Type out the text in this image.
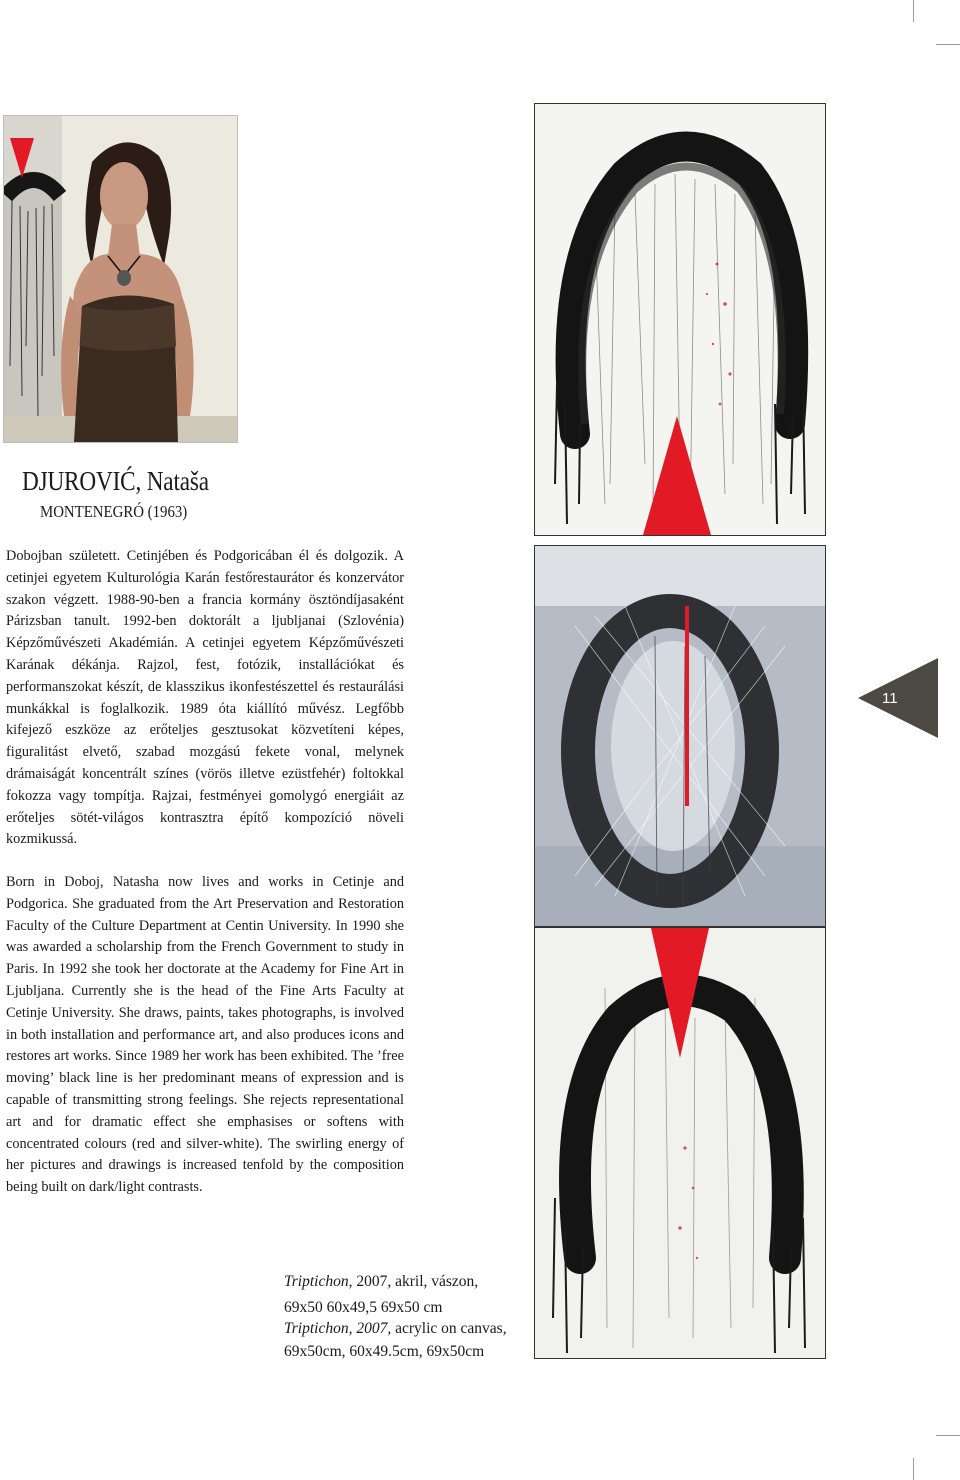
DJUROVIĆ, Nataša
MONTENEGRÓ (1963)

Dobojban született. Cetinjében és Podgoricában él és dolgozik. A cetinjei egyetem Kulturológia Karán festőrestaurátor és konzervátor szakon végzett. 1988-90-ben a francia kormány ösztöndíjasaként Párizsban tanult. 1992-ben doktorált a ljubljanai (Szlovénia) Képzőművészeti Akadémián. A cetinjei egyetem Képzőművészeti Karának dékánja. Rajzol, fest, fotózik, installációkat és performanszokat készít, de klasszikus ikonfestészettel és restaurálási munkákkal is foglalkozik. 1989 óta kiállító művész. Legfőbb kifejező eszköze az erőteljes gesztusokat közvetíteni képes, figuralitást elvető, szabad mozgású fekete vonal, melynek drámaiságát koncentrált színes (vörös illetve ezüstfehér) foltokkal fokozza vagy tompítja. Rajzai, festményei gomolygó energiáit az erőteljes sötét-világos kontrasztra építő kompozíció növeli kozmikussá.

Born in Doboj, Natasha now lives and works in Cetinje and Podgorica. She graduated from the Art Preservation and Restoration Faculty of the Culture Department at Centin University. In 1990 she was awarded a scholarship from the French Government to study in Paris. In 1992 she took her doctorate at the Academy for Fine Art in Ljubljana. Currently she is the head of the Fine Arts Faculty at Cetinje University. She draws, paints, takes photographs, is involved in both installation and performance art, and also produces icons and restores art works. Since 1989 her work has been exhibited. The ’free moving’ black line is her predominant means of expression and is capable of transmitting strong feelings. She rejects representational art and for dramatic effect she emphasises or softens with concentrated colours (red and silver-white). The swirling energy of her pictures and drawings is increased tenfold by the composition being built on dark/light contrasts.

11
Triptichon, 2007, akril, vászon,
69x50 60x49,5 69x50 cm
Triptichon, 2007, acrylic on canvas,
69x50cm, 60x49.5cm, 69x50cm
